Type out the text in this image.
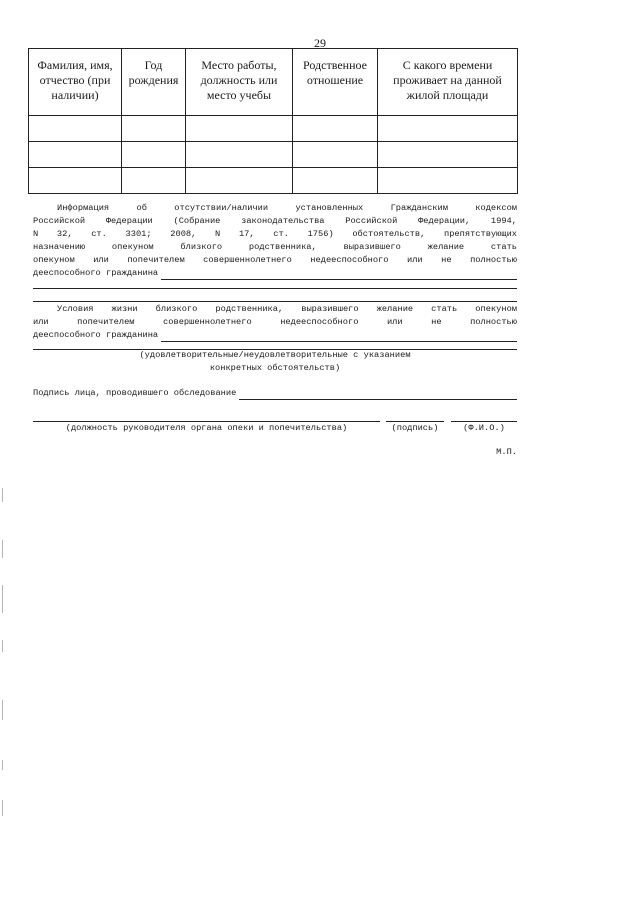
29
Фамилия, имя, отчество (при наличии)	Год рождения	Место работы, должность или место учебы	Родственное отношение	С какого времени проживает на данной жилой площади

Информация об отсутствии/наличии установленных Гражданским кодексом
Российской Федерации (Собрание законодательства Российской Федерации, 1994,
N 32, ст. 3301; 2008, N 17, ст. 1756) обстоятельств, препятствующих
назначению опекуном близкого родственника, выразившего желание стать
опекуном или попечителем совершеннолетнего недееспособного или не полностью
дееспособного гражданина
Условия жизни близкого родственника, выразившего желание стать опекуном
или попечителем совершеннолетнего недееспособного или не полностью
дееспособного гражданина
(удовлетворительные/неудовлетворительные с указанием
конкретных обстоятельств)
Подпись лица, проводившего обследование
(должность руководителя органа опеки и попечительства)	(подпись)	(Ф.И.О.)
М.П.
